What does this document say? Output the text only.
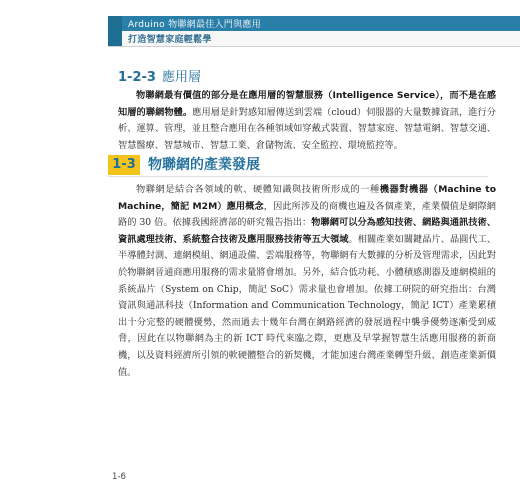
Arduino 物聯網最佳入門與應用
打造智慧家庭輕鬆學
1-2-3 應用層
物聯網最有價值的部分是在應用層的智慧服務（Intelligence Service），而不是在感知層的聯網物體。應用層是針對感知層傳送到雲端（cloud）伺服器的大量數據資訊，進行分析、運算、管理，並且整合應用在各種領域如穿戴式裝置、智慧家庭、智慧電網、智慧交通、智慧醫療、智慧城市、智慧工業、倉儲物流、安全監控、環境監控等。
1-3 物聯網的產業發展
物聯網是結合各領域的軟、硬體知識與技術所形成的一種機器對機器（Machine to Machine，簡記 M2M）應用概念，因此所涉及的商機也遍及各個產業，產業價值是網際網路的 30 倍。依據我國經濟部的研究報告指出：物聯網可以分為感知技術、網路與通訊技術、資訊處理技術、系統整合技術及應用服務技術等五大領域。相關產業如關鍵晶片、晶圓代工、半導體封測、連網模組、網通設備、雲端服務等，物聯網有大數據的分析及管理需求，因此對於物聯網晉通商應用服務的需求量將會增加。另外，結合低功耗、小體積感測器及連網模組的系統晶片（System on Chip，簡記 SoC）需求量也會增加。依據工研院的研究指出：台灣資訊與通訊科技（Information and Communication Technology，簡記 ICT）產業累積出十分完整的硬體優勢，然而過去十幾年台灣在網路經濟的發展過程中襲爭優勢逐漸受到威脅，因此在以物聯網為主的新 ICT 時代來臨之際，更應及早掌握智慧生活應用服務的新商機，以及資料經濟所引領的軟硬體整合的新契機，才能加速台灣產業轉型升級、創造產業新價值。
1-6
